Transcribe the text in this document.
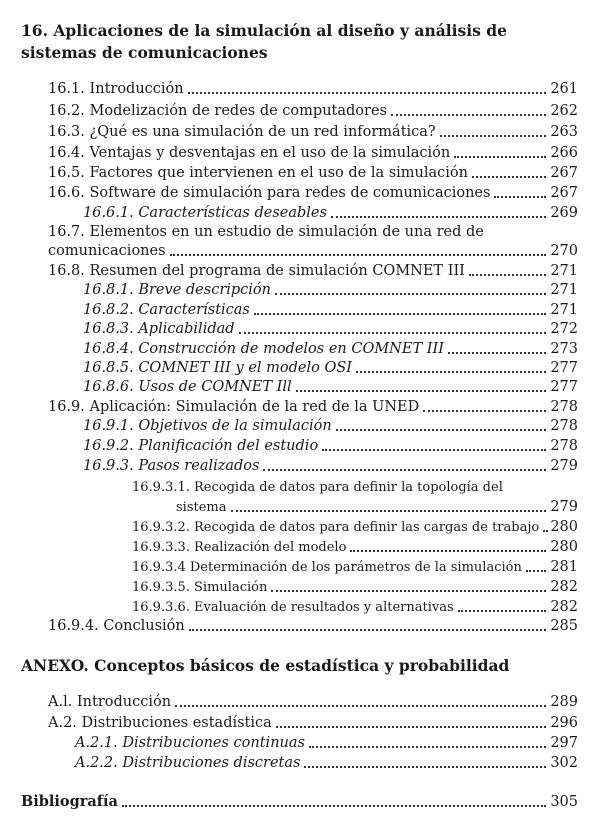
16. Aplicaciones de la simulación al diseño y análisis de sistemas de comunicaciones
16.1. Introducción	261
16.2. Modelización de redes de computadores	262
16.3. ¿Qué es una simulación de un red informática?	263
16.4. Ventajas y desventajas en el uso de la simulación	266
16.5. Factores que intervienen en el uso de la simulación	267
16.6. Software de simulación para redes de comunicaciones	267
16.6.1. Características deseables	269
16.7. Elementos en un estudio de simulación de una red de
comunicaciones	270
16.8. Resumen del programa de simulación COMNET III	271
16.8.1. Breve descripción	271
16.8.2. Características	271
16.8.3. Aplicabilidad	272
16.8.4. Construcción de modelos en COMNET III	273
16.8.5. COMNET III y el modelo OSI	277
16.8.6. Usos de COMNET Ill	277
16.9. Aplicación: Simulación de la red de la UNED	278
16.9.1. Objetivos de la simulación	278
16.9.2. Planificación del estudio	278
16.9.3. Pasos realizados	279
16.9.3.1. Recogida de datos para definir la topología del
sistema	279
16.9.3.2. Recogida de datos para definir las cargas de trabajo 280
16.9.3.3. Realización del modelo	280
16.9.3.4 Determinación de los parámetros de la simulación 281
16.9.3.5. Simulación	282
16.9.3.6. Evaluación de resultados y alternativas	282
16.9.4. Conclusión	285
ANEXO. Conceptos básicos de estadística y probabilidad
A.l. Introducción	289
A.2. Distribuciones estadística	296
A.2.1. Distribuciones continuas	297
A.2.2. Distribuciones discretas	302
Bibliografía	305
